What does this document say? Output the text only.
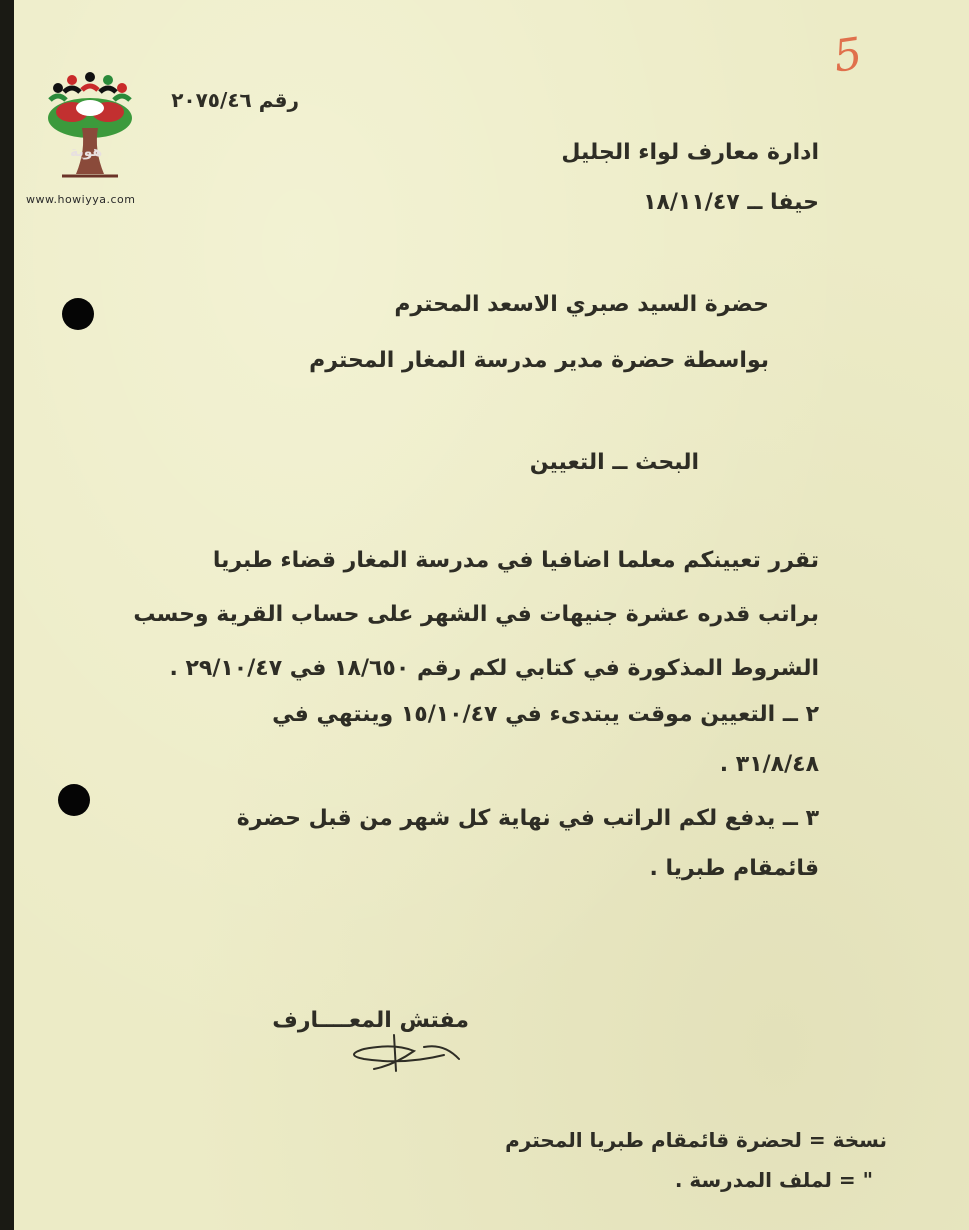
5
هوية
www.howiyya.com
رقم ٢٠٧٥/٤٦
ادارة معارف لواء الجليل
حيفا ــ ١٨/١١/٤٧
حضرة السيد صبري الاسعد المحترم
بواسطة حضرة مدير مدرسة المغار المحترم
البحث ــ التعيين
تقرر تعيينكم معلما اضافيا في مدرسة المغار قضاء طبريا
براتب قدره عشرة جنيهات في الشهر على حساب القرية وحسب
الشروط المذكورة في كتابي لكم رقم ١٨/٦٥٠ في ٢٩/١٠/٤٧ .
٢ ــ التعيين موقت يبتدىء في ١٥/١٠/٤٧ وينتهي في
٣١/٨/٤٨ .
٣ ــ يدفع لكم الراتب في نهاية كل شهر من قبل حضرة
قائمقام طبريا .
مفتش المعــــارف
نسخة = لحضرة قائمقام طبريا المحترم
" = لملف المدرسة .
